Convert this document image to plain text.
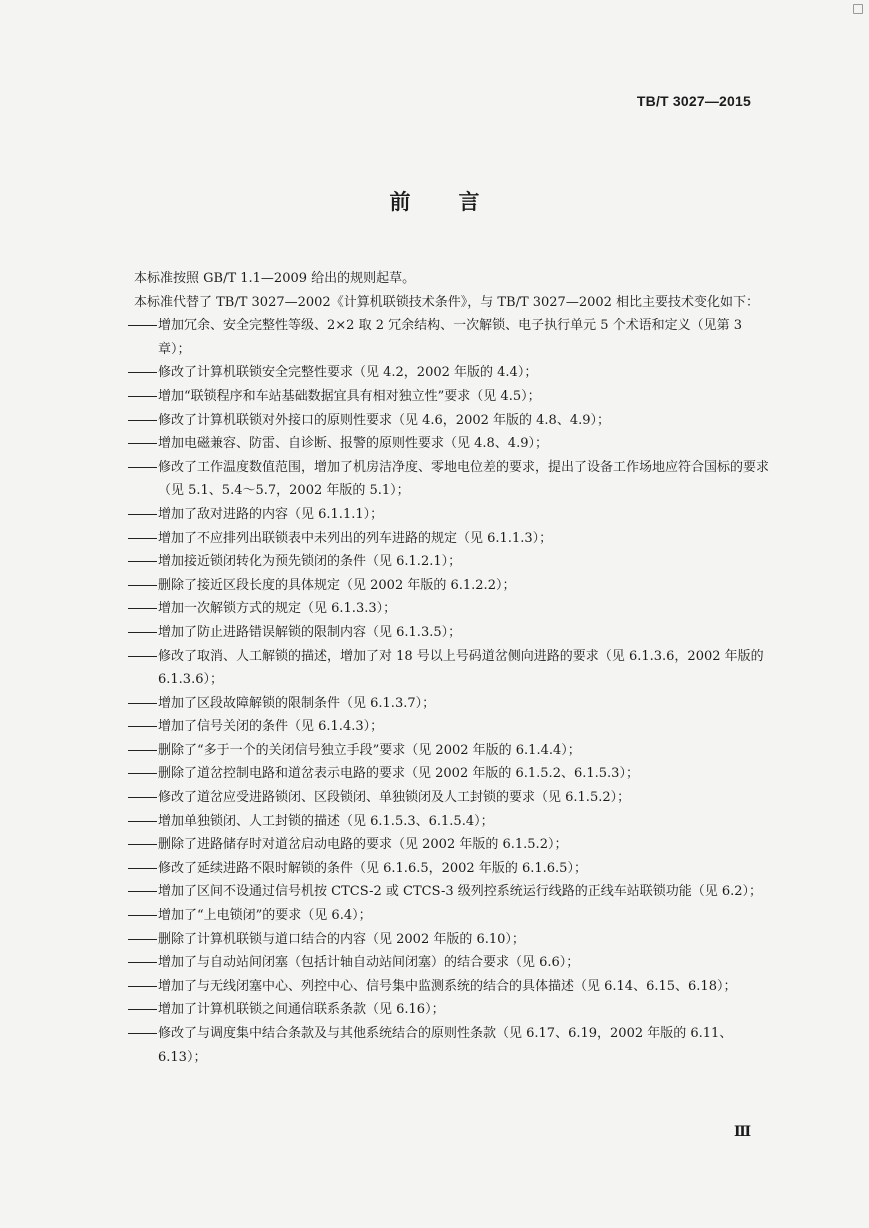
TB/T 3027—2015
前言

本标准按照 GB/T 1.1—2009 给出的规则起草。

本标准代替了 TB/T 3027—2002《计算机联锁技术条件》，与 TB/T 3027—2002 相比主要技术变化如下：

增加冗余、安全完整性等级、2×2 取 2 冗余结构、一次解锁、电子执行单元 5 个术语和定义（见第 3 章）；

修改了计算机联锁安全完整性要求（见 4.2，2002 年版的 4.4）；

增加“联锁程序和车站基础数据宜具有相对独立性”要求（见 4.5）；

修改了计算机联锁对外接口的原则性要求（见 4.6，2002 年版的 4.8、4.9）；

增加电磁兼容、防雷、自诊断、报警的原则性要求（见 4.8、4.9）；

修改了工作温度数值范围，增加了机房洁净度、零地电位差的要求，提出了设备工作场地应符合国标的要求（见 5.1、5.4～5.7，2002 年版的 5.1）；

增加了敌对进路的内容（见 6.1.1.1）；

增加了不应排列出联锁表中未列出的列车进路的规定（见 6.1.1.3）；

增加接近锁闭转化为预先锁闭的条件（见 6.1.2.1）；

删除了接近区段长度的具体规定（见 2002 年版的 6.1.2.2）；

增加一次解锁方式的规定（见 6.1.3.3）；

增加了防止进路错误解锁的限制内容（见 6.1.3.5）；

修改了取消、人工解锁的描述，增加了对 18 号以上号码道岔侧向进路的要求（见 6.1.3.6，2002 年版的 6.1.3.6）；

增加了区段故障解锁的限制条件（见 6.1.3.7）；

增加了信号关闭的条件（见 6.1.4.3）；

删除了“多于一个的关闭信号独立手段”要求（见 2002 年版的 6.1.4.4）；

删除了道岔控制电路和道岔表示电路的要求（见 2002 年版的 6.1.5.2、6.1.5.3）；

修改了道岔应受进路锁闭、区段锁闭、单独锁闭及人工封锁的要求（见 6.1.5.2）；

增加单独锁闭、人工封锁的描述（见 6.1.5.3、6.1.5.4）；

删除了进路储存时对道岔启动电路的要求（见 2002 年版的 6.1.5.2）；

修改了延续进路不限时解锁的条件（见 6.1.6.5，2002 年版的 6.1.6.5）；

增加了区间不设通过信号机按 CTCS-2 或 CTCS-3 级列控系统运行线路的正线车站联锁功能（见 6.2）；

增加了“上电锁闭”的要求（见 6.4）；

删除了计算机联锁与道口结合的内容（见 2002 年版的 6.10）；

增加了与自动站间闭塞（包括计轴自动站间闭塞）的结合要求（见 6.6）；

增加了与无线闭塞中心、列控中心、信号集中监测系统的结合的具体描述（见 6.14、6.15、6.18）；

增加了计算机联锁之间通信联系条款（见 6.16）；

修改了与调度集中结合条款及与其他系统结合的原则性条款（见 6.17、6.19，2002 年版的 6.11、6.13）；

Ⅲ
